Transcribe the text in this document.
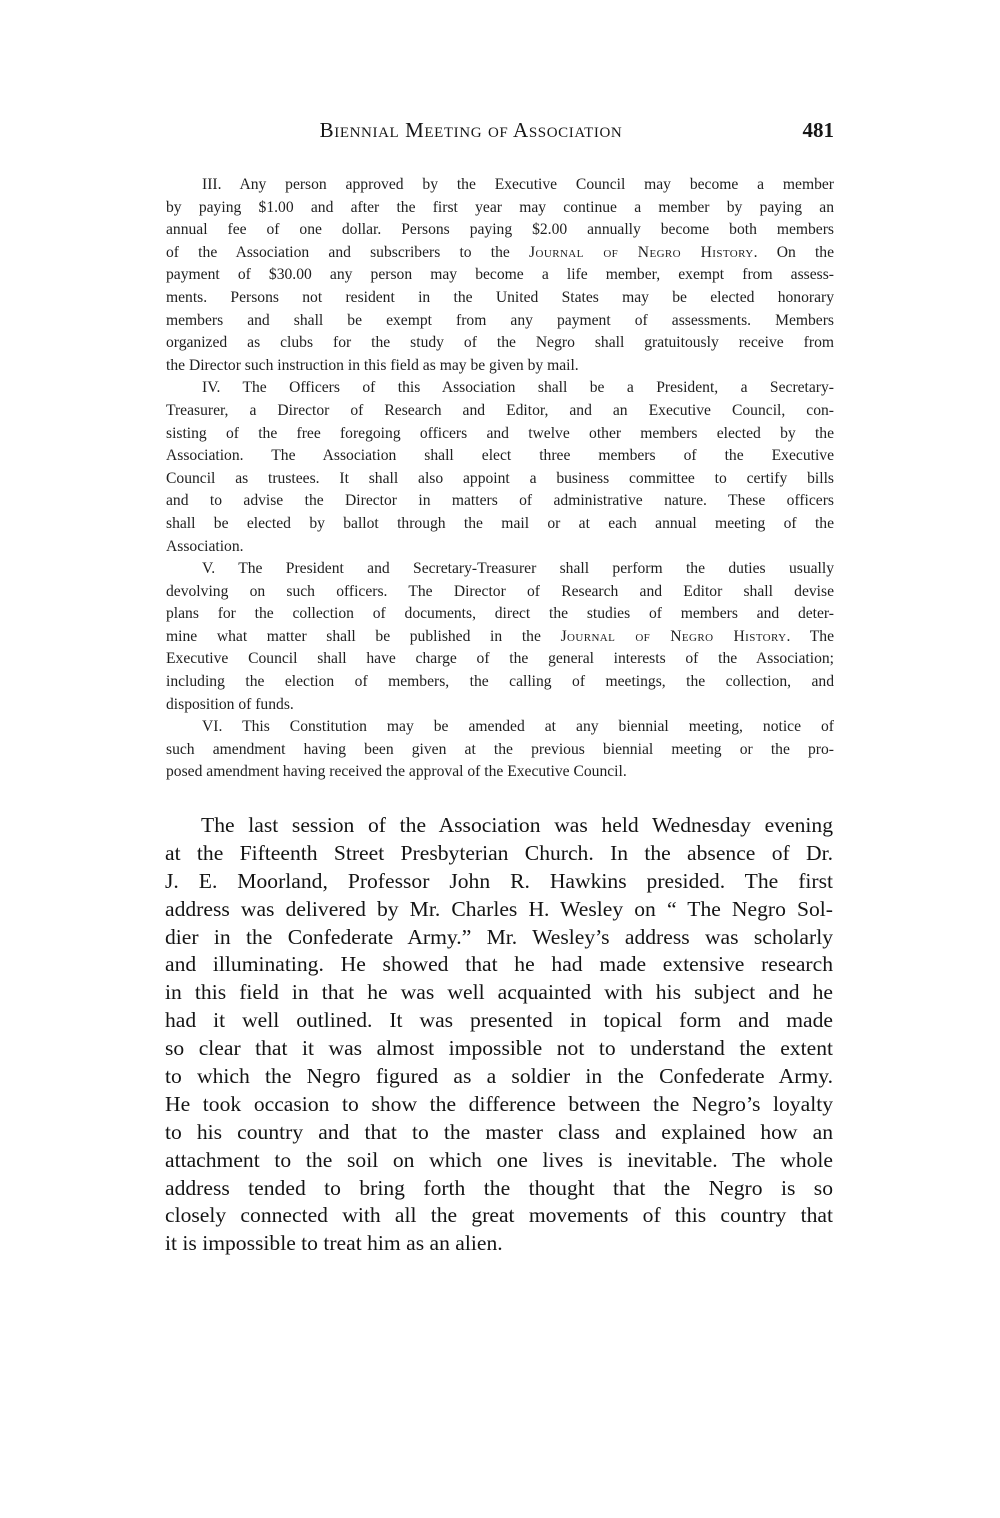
Biennial Meeting of Association	481
III. Any person approved by the Executive Council may become a member
by paying $1.00 and after the first year may continue a member by paying an
annual fee of one dollar. Persons paying $2.00 annually become both members
of the Association and subscribers to the Journal of Negro History. On the
payment of $30.00 any person may become a life member, exempt from assess-
ments. Persons not resident in the United States may be elected honorary
members and shall be exempt from any payment of assessments. Members
organized as clubs for the study of the Negro shall gratuitously receive from
the Director such instruction in this field as may be given by mail.
IV. The Officers of this Association shall be a President, a Secretary-
Treasurer, a Director of Research and Editor, and an Executive Council, con-
sisting of the free foregoing officers and twelve other members elected by the
Association. The Association shall elect three members of the Executive
Council as trustees. It shall also appoint a business committee to certify bills
and to advise the Director in matters of administrative nature. These officers
shall be elected by ballot through the mail or at each annual meeting of the
Association.
V. The President and Secretary-Treasurer shall perform the duties usually
devolving on such officers. The Director of Research and Editor shall devise
plans for the collection of documents, direct the studies of members and deter-
mine what matter shall be published in the Journal of Negro History. The
Executive Council shall have charge of the general interests of the Association;
including the election of members, the calling of meetings, the collection, and
disposition of funds.
VI. This Constitution may be amended at any biennial meeting, notice of
such amendment having been given at the previous biennial meeting or the pro-
posed amendment having received the approval of the Executive Council.
The last session of the Association was held Wednesday evening
at the Fifteenth Street Presbyterian Church. In the absence of Dr.
J. E. Moorland, Professor John R. Hawkins presided. The first
address was delivered by Mr. Charles H. Wesley on “ The Negro Sol-
dier in the Confederate Army.” Mr. Wesley’s address was scholarly
and illuminating. He showed that he had made extensive research
in this field in that he was well acquainted with his subject and he
had it well outlined. It was presented in topical form and made
so clear that it was almost impossible not to understand the extent
to which the Negro figured as a soldier in the Confederate Army.
He took occasion to show the difference between the Negro’s loyalty
to his country and that to the master class and explained how an
attachment to the soil on which one lives is inevitable. The whole
address tended to bring forth the thought that the Negro is so
closely connected with all the great movements of this country that
it is impossible to treat him as an alien.
